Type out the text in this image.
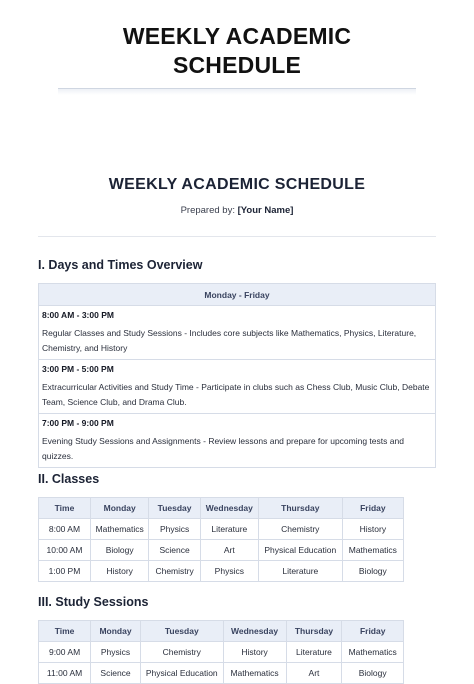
WEEKLY ACADEMIC
SCHEDULE
WEEKLY ACADEMIC SCHEDULE
Prepared by: [Your Name]
I. Days and Times Overview
Monday - Friday

8:00 AM - 3:00 PM
Regular Classes and Study Sessions - Includes core subjects like Mathematics, Physics, Literature, Chemistry, and History

3:00 PM - 5:00 PM
Extracurricular Activities and Study Time - Participate in clubs such as Chess Club, Music Club, Debate Team, Science Club, and Drama Club.

7:00 PM - 9:00 PM
Evening Study Sessions and Assignments - Review lessons and prepare for upcoming tests and quizzes.
II. Classes
Time	Monday	Tuesday	Wednesday	Thursday	Friday
8:00 AM	Mathematics	Physics	Literature	Chemistry	History
10:00 AM	Biology	Science	Art	Physical Education	Mathematics
1:00 PM	History	Chemistry	Physics	Literature	Biology
III. Study Sessions
Time	Monday	Tuesday	Wednesday	Thursday	Friday
9:00 AM	Physics	Chemistry	History	Literature	Mathematics
11:00 AM	Science	Physical Education	Mathematics	Art	Biology
